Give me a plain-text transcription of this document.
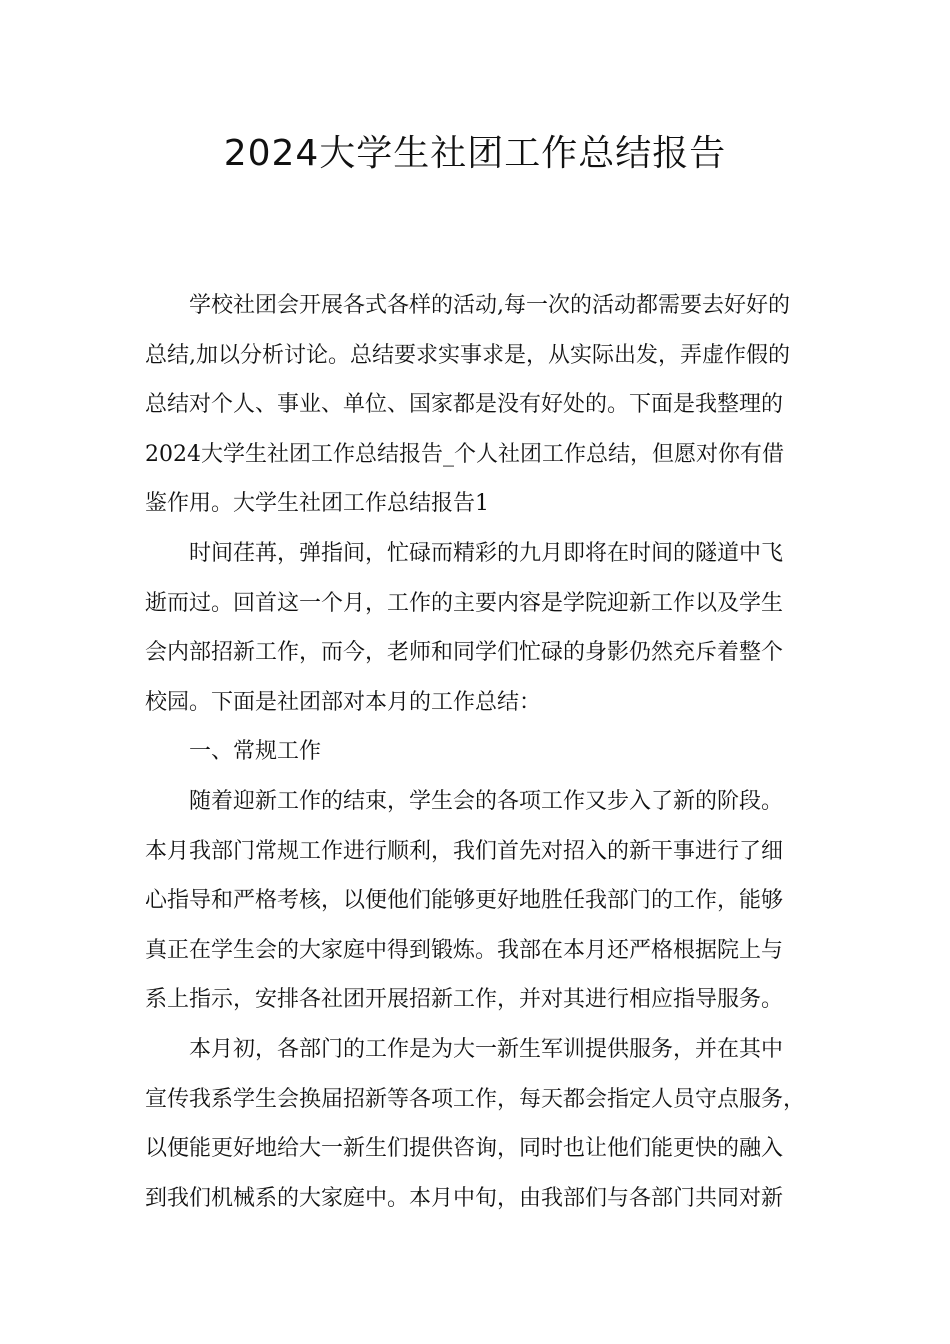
2024大学生社团工作总结报告
学校社团会开展各式各样的活动,每一次的活动都需要去好好的
总结,加以分析讨论。总结要求实事求是，从实际出发，弄虚作假的
总结对个人、事业、单位、国家都是没有好处的。下面是我整理的
2024大学生社团工作总结报告_个人社团工作总结，但愿对你有借
鉴作用。大学生社团工作总结报告1
时间荏苒，弹指间，忙碌而精彩的九月即将在时间的隧道中飞
逝而过。回首这一个月，工作的主要内容是学院迎新工作以及学生
会内部招新工作，而今，老师和同学们忙碌的身影仍然充斥着整个
校园。下面是社团部对本月的工作总结：
一、常规工作
随着迎新工作的结束，学生会的各项工作又步入了新的阶段。
本月我部门常规工作进行顺利，我们首先对招入的新干事进行了细
心指导和严格考核，以便他们能够更好地胜任我部门的工作，能够
真正在学生会的大家庭中得到锻炼。我部在本月还严格根据院上与
系上指示，安排各社团开展招新工作，并对其进行相应指导服务。
本月初，各部门的工作是为大一新生军训提供服务，并在其中
宣传我系学生会换届招新等各项工作，每天都会指定人员守点服务，
以便能更好地给大一新生们提供咨询，同时也让他们能更快的融入
到我们机械系的大家庭中。本月中旬，由我部们与各部门共同对新
